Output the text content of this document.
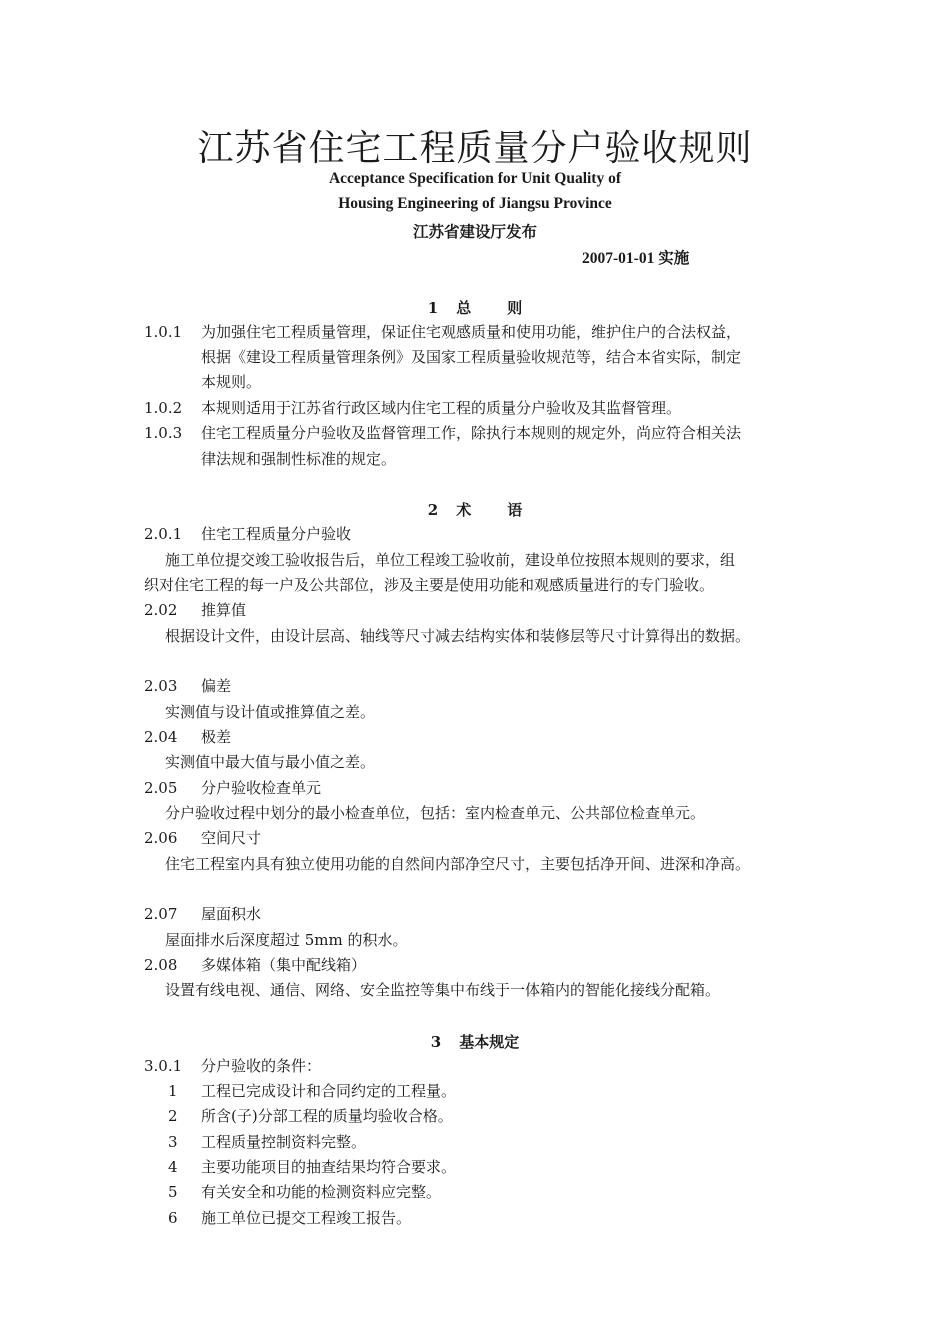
江苏省住宅工程质量分户验收规则
Acceptance Specification for Unit Quality of
Housing Engineering of Jiangsu Province
江苏省建设厅发布
2007-01-01 实施
1 总 则
1.0.1 为加强住宅工程质量管理，保证住宅观感质量和使用功能，维护住户的合法权益，
根据《建设工程质量管理条例》及国家工程质量验收规范等，结合本省实际，制定
本规则。
1.0.2 本规则适用于江苏省行政区域内住宅工程的质量分户验收及其监督管理。
1.0.3 住宅工程质量分户验收及监督管理工作，除执行本规则的规定外，尚应符合相关法
律法规和强制性标准的规定。
2 术 语
2.0.1 住宅工程质量分户验收
施工单位提交竣工验收报告后，单位工程竣工验收前，建设单位按照本规则的要求，组
织对住宅工程的每一户及公共部位，涉及主要是使用功能和观感质量进行的专门验收。
2.02 推算值
根据设计文件，由设计层高、轴线等尺寸减去结构实体和装修层等尺寸计算得出的数据。
2.03 偏差
实测值与设计值或推算值之差。
2.04 极差
实测值中最大值与最小值之差。
2.05 分户验收检查单元
分户验收过程中划分的最小检查单位，包括：室内检查单元、公共部位检查单元。
2.06 空间尺寸
住宅工程室内具有独立使用功能的自然间内部净空尺寸，主要包括净开间、进深和净高。
2.07 屋面积水
屋面排水后深度超过 5mm 的积水。
2.08 多媒体箱（集中配线箱）
设置有线电视、通信、网络、安全监控等集中布线于一体箱内的智能化接线分配箱。
3 基本规定
3.0.1 分户验收的条件：
1 工程已完成设计和合同约定的工程量。
2 所含(子)分部工程的质量均验收合格。
3 工程质量控制资料完整。
4 主要功能项目的抽查结果均符合要求。
5 有关安全和功能的检测资料应完整。
6 施工单位已提交工程竣工报告。
